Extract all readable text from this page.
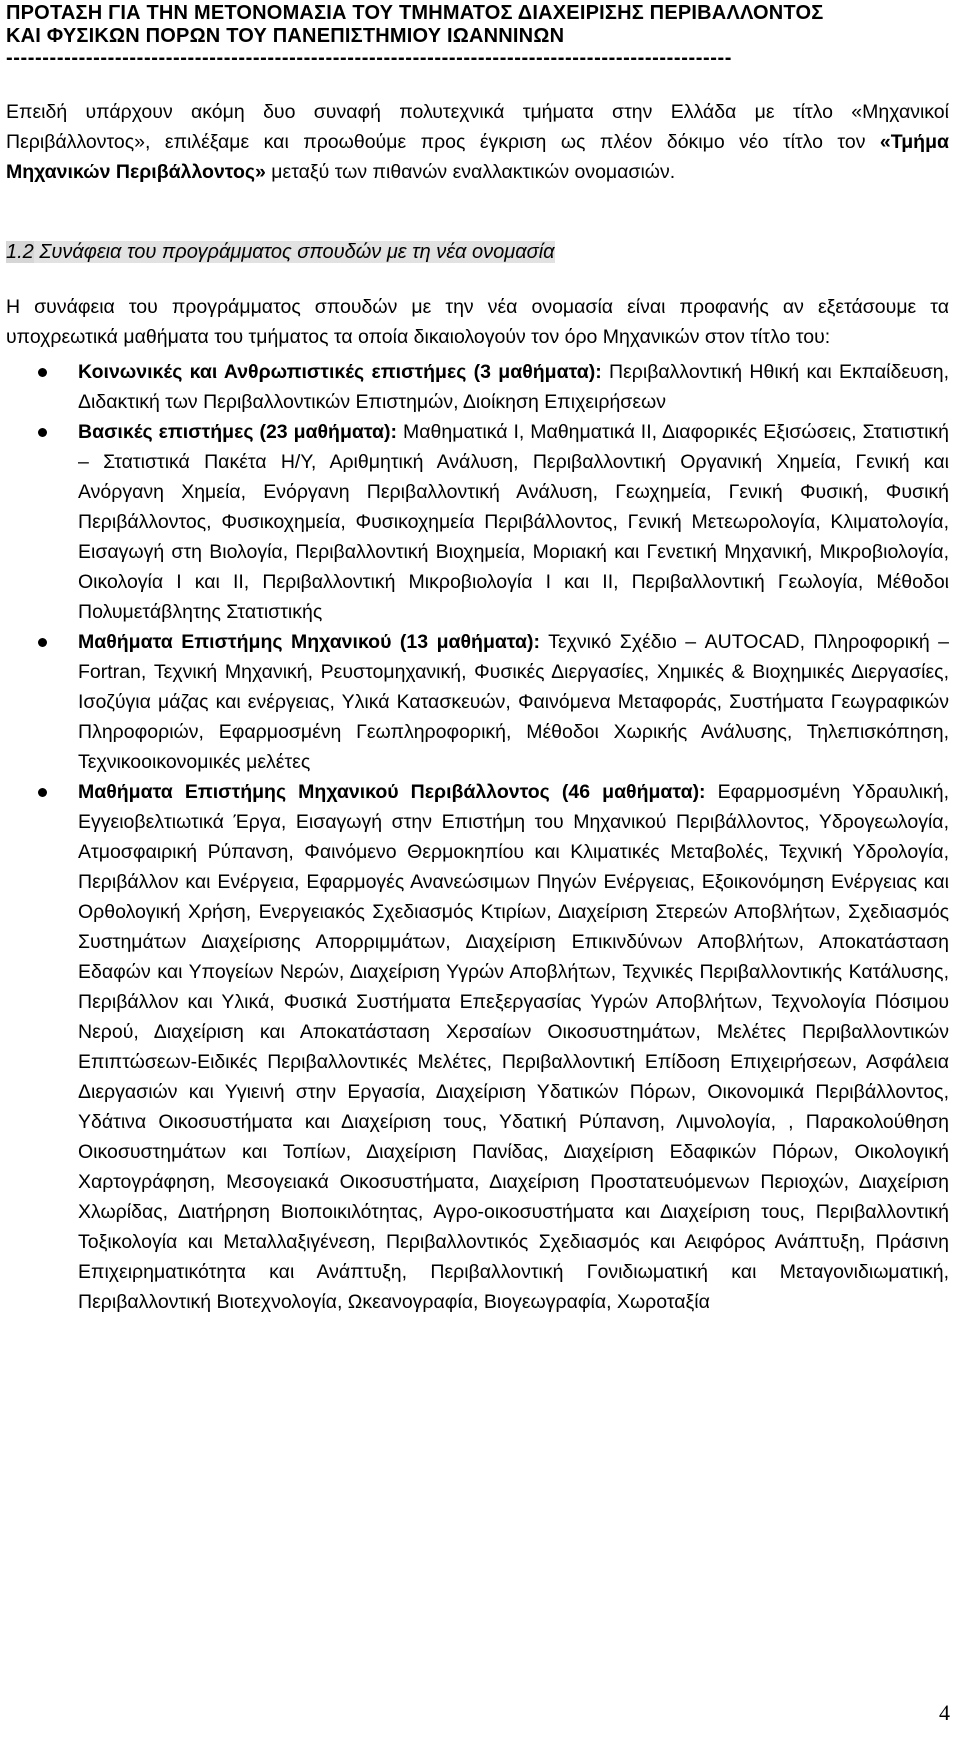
ΠΡΟΤΑΣΗ ΓΙΑ ΤΗΝ ΜΕΤΟΝΟΜΑΣΙΑ ΤΟΥ ΤΜΗΜΑΤΟΣ ΔΙΑΧΕΙΡΙΣΗΣ ΠΕΡΙΒΑΛΛΟΝΤΟΣ

ΚΑΙ ΦΥΣΙΚΩΝ ΠΟΡΩΝ ΤΟΥ ΠΑΝΕΠΙΣΤΗΜΙΟΥ ΙΩΑΝΝΙΝΩΝ

----------------------------------------------------------------------------------------------------

Επειδή υπάρχουν ακόμη δυο συναφή πολυτεχνικά τμήματα στην Ελλάδα με τίτλο «Μηχανικοί Περιβάλλοντος», επιλέξαμε και προωθούμε προς έγκριση ως πλέον δόκιμο νέο τίτλο τον «Τμήμα Μηχανικών Περιβάλλοντος» μεταξύ των πιθανών εναλλακτικών ονομασιών.

1.2 Συνάφεια του προγράμματος σπουδών με τη νέα ονομασία

Η συνάφεια του προγράμματος σπουδών με την νέα ονομασία είναι προφανής αν εξετάσουμε τα υποχρεωτικά μαθήματα του τμήματος τα οποία δικαιολογούν τον όρο Μηχανικών στον τίτλο του:

Κοινωνικές και Ανθρωπιστικές επιστήμες (3 μαθήματα): Περιβαλλοντική Ηθική και Εκπαίδευση, Διδακτική των Περιβαλλοντικών Επιστημών, Διοίκηση Επιχειρήσεων
Βασικές επιστήμες (23 μαθήματα): Μαθηματικά Ι, Μαθηματικά ΙΙ, Διαφορικές Εξισώσεις, Στατιστική – Στατιστικά Πακέτα Η/Υ, Αριθμητική Ανάλυση, Περιβαλλοντική Οργανική Χημεία, Γενική και Ανόργανη Χημεία, Ενόργανη Περιβαλλοντική Ανάλυση, Γεωχημεία, Γενική Φυσική, Φυσική Περιβάλλοντος, Φυσικοχημεία, Φυσικοχημεία Περιβάλλοντος, Γενική Μετεωρολογία, Κλιματολογία, Εισαγωγή στη Βιολογία, Περιβαλλοντική Βιοχημεία, Μοριακή και Γενετική Μηχανική, Μικροβιολογία, Οικολογία Ι και ΙΙ, Περιβαλλοντική Μικροβιολογία Ι και ΙΙ, Περιβαλλοντική Γεωλογία, Μέθοδοι Πολυμετάβλητης Στατιστικής
Μαθήματα Επιστήμης Μηχανικού (13 μαθήματα): Τεχνικό Σχέδιο – AUTOCAD, Πληροφορική – Fortran, Τεχνική Μηχανική, Ρευστομηχανική, Φυσικές Διεργασίες, Χημικές & Βιοχημικές Διεργασίες, Ισοζύγια μάζας και ενέργειας, Υλικά Κατασκευών, Φαινόμενα Μεταφοράς, Συστήματα Γεωγραφικών Πληροφοριών, Εφαρμοσμένη Γεωπληροφορική, Μέθοδοι Χωρικής Ανάλυσης, Τηλεπισκόπηση, Τεχνικοοικονομικές μελέτες
Μαθήματα Επιστήμης Μηχανικού Περιβάλλοντος (46 μαθήματα): Εφαρμοσμένη Υδραυλική, Εγγειοβελτιωτικά Έργα, Εισαγωγή στην Επιστήμη του Μηχανικού Περιβάλλοντος, Υδρογεωλογία, Ατμοσφαιρική Ρύπανση, Φαινόμενο Θερμοκηπίου και Κλιματικές Μεταβολές, Τεχνική Υδρολογία, Περιβάλλον και Ενέργεια, Εφαρμογές Ανανεώσιμων Πηγών Ενέργειας, Εξοικονόμηση Ενέργειας και Ορθολογική Χρήση, Ενεργειακός Σχεδιασμός Κτιρίων, Διαχείριση Στερεών Αποβλήτων, Σχεδιασμός Συστημάτων Διαχείρισης Απορριμμάτων, Διαχείριση Επικινδύνων Αποβλήτων, Αποκατάσταση Εδαφών και Υπογείων Νερών, Διαχείριση Υγρών Αποβλήτων, Τεχνικές Περιβαλλοντικής Κατάλυσης, Περιβάλλον και Υλικά, Φυσικά Συστήματα Επεξεργασίας Υγρών Αποβλήτων, Τεχνολογία Πόσιμου Νερού, Διαχείριση και Αποκατάσταση Χερσαίων Οικοσυστημάτων, Μελέτες Περιβαλλοντικών Επιπτώσεων-Ειδικές Περιβαλλοντικές Μελέτες, Περιβαλλοντική Επίδοση Επιχειρήσεων, Ασφάλεια Διεργασιών και Υγιεινή στην Εργασία, Διαχείριση Υδατικών Πόρων, Οικονομικά Περιβάλλοντος, Υδάτινα Οικοσυστήματα και Διαχείριση τους, Υδατική Ρύπανση, Λιμνολογία, , Παρακολούθηση Οικοσυστημάτων και Τοπίων, Διαχείριση Πανίδας, Διαχείριση Εδαφικών Πόρων, Οικολογική Χαρτογράφηση, Μεσογειακά Οικοσυστήματα, Διαχείριση Προστατευόμενων Περιοχών, Διαχείριση Χλωρίδας, Διατήρηση Βιοποικιλότητας, Αγρο-οικοσυστήματα και Διαχείριση τους, Περιβαλλοντική Τοξικολογία και Μεταλλαξιγένεση, Περιβαλλοντικός Σχεδιασμός και Αειφόρος Ανάπτυξη, Πράσινη Επιχειρηματικότητα και Ανάπτυξη, Περιβαλλοντική Γονιδιωματική και Μεταγονιδιωματική, Περιβαλλοντική Βιοτεχνολογία, Ωκεανογραφία, Βιογεωγραφία, Χωροταξία
4
